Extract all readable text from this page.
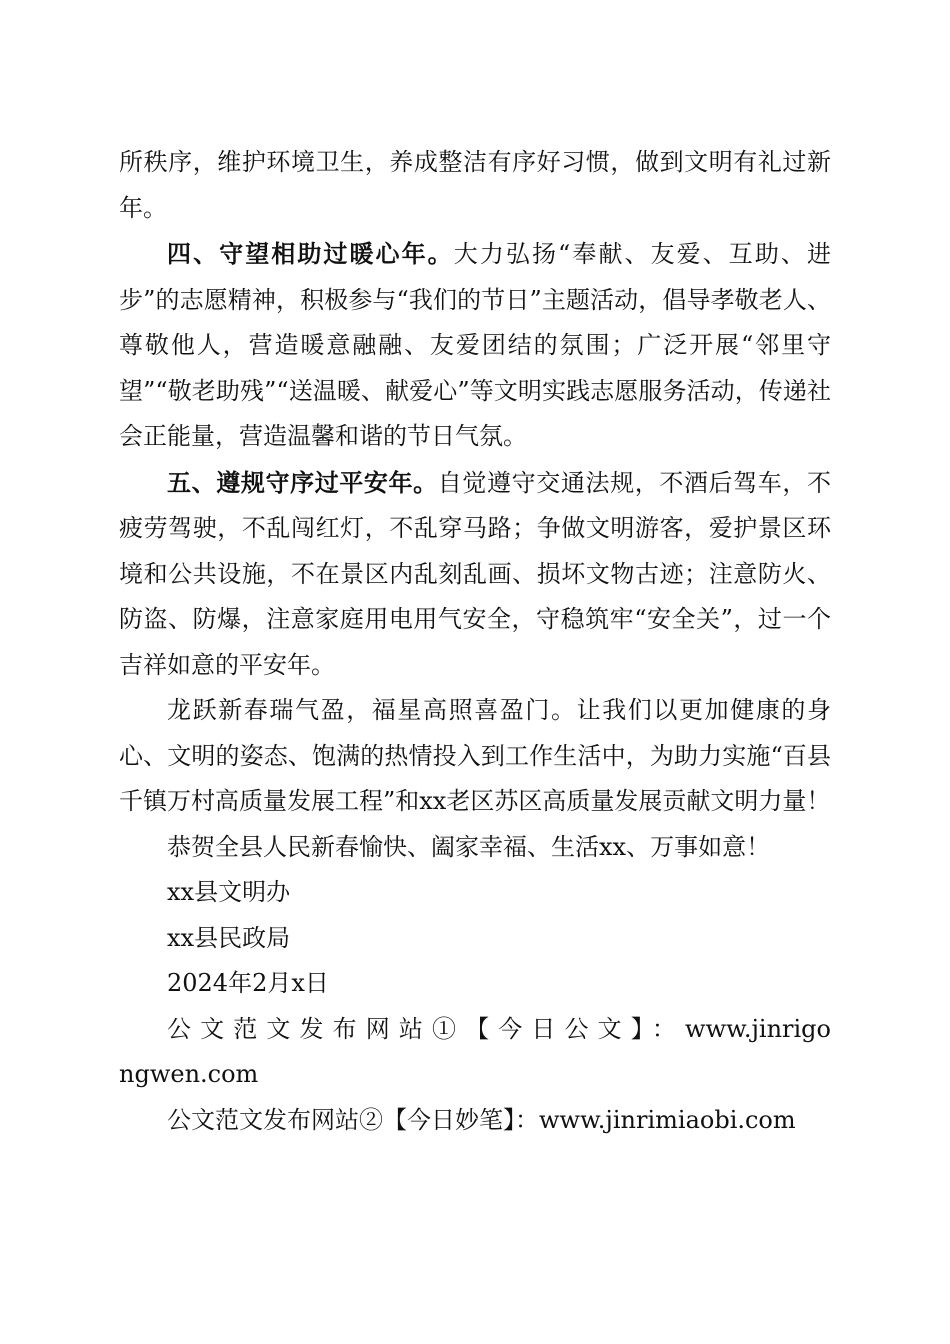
所秩序，维护环境卫生，养成整洁有序好习惯，做到文明有礼过新年。

四、守望相助过暖心年。大力弘扬“奉献、友爱、互助、进步”的志愿精神，积极参与“我们的节日”主题活动，倡导孝敬老人、尊敬他人，营造暖意融融、友爱团结的氛围；广泛开展“邻里守望”“敬老助残”“送温暖、献爱心”等文明实践志愿服务活动，传递社会正能量，营造温馨和谐的节日气氛。

五、遵规守序过平安年。自觉遵守交通法规，不酒后驾车，不疲劳驾驶，不乱闯红灯，不乱穿马路；争做文明游客，爱护景区环境和公共设施，不在景区内乱刻乱画、损坏文物古迹；注意防火、防盗、防爆，注意家庭用电用气安全，守稳筑牢“安全关”，过一个吉祥如意的平安年。

龙跃新春瑞气盈，福星高照喜盈门。让我们以更加健康的身心、文明的姿态、饱满的热情投入到工作生活中，为助力实施“百县千镇万村高质量发展工程”和xx老区苏区高质量发展贡献文明力量！

恭贺全县人民新春愉快、阖家幸福、生活xx、万事如意！

xx县文明办

xx县民政局

2024年2月x日

公文范文发布网站①【今日公文】：www.jinrigongwen.com

公文范文发布网站②【今日妙笔】：www.jinrimiaobi.com
